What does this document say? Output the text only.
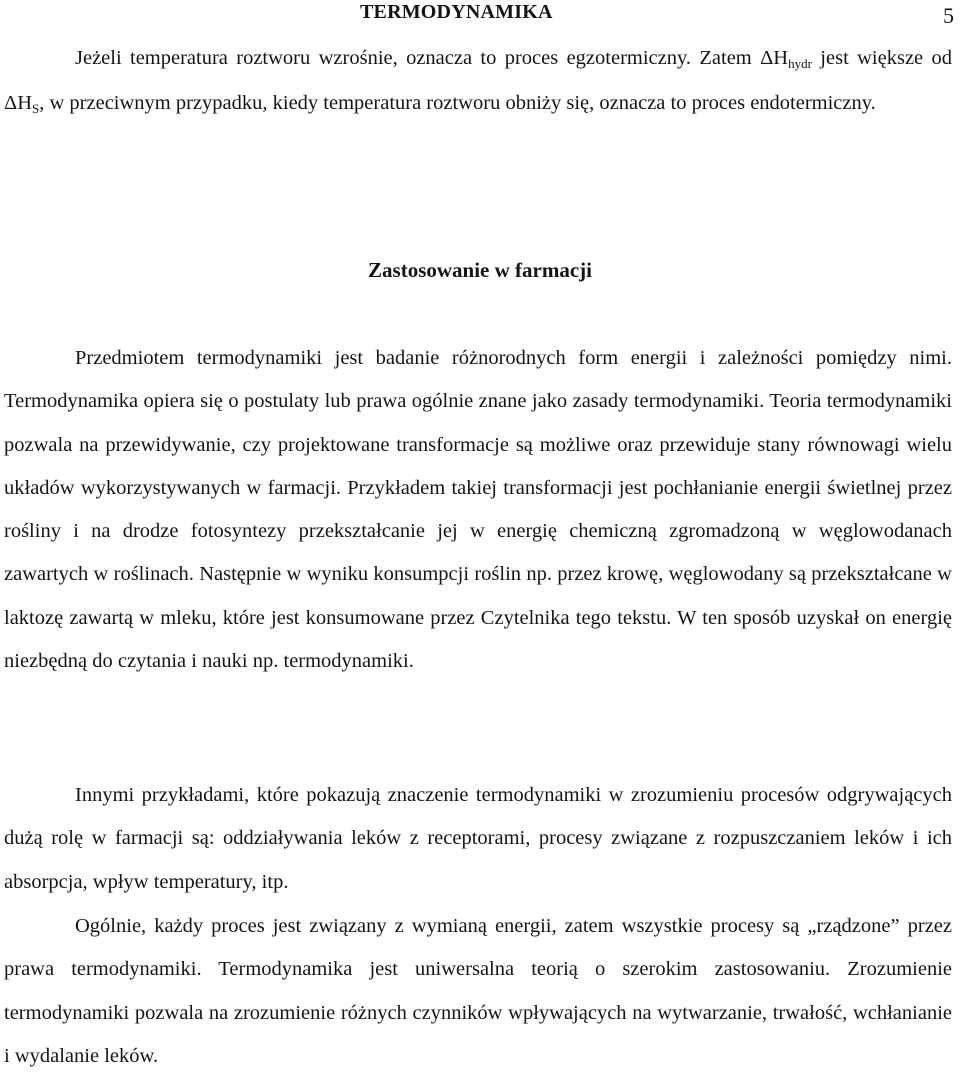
TERMODYNAMIKA	5

Jeżeli temperatura roztworu wzrośnie, oznacza to proces egzotermiczny. Zatem $\Delta H_{hydr}$ jest większe od $\Delta H_S$, w przeciwnym przypadku, kiedy temperatura roztworu obniży się, oznacza to proces endotermiczny.

Zastosowanie w farmacji

Przedmiotem termodynamiki jest badanie różnorodnych form energii i zależności pomiędzy nimi. Termodynamika opiera się o postulaty lub prawa ogólnie znane jako zasady termodynamiki. Teoria termodynamiki pozwala na przewidywanie, czy projektowane transformacje są możliwe oraz przewiduje stany równowagi wielu układów wykorzystywanych w farmacji. Przykładem takiej transformacji jest pochłanianie energii świetlnej przez rośliny i na drodze fotosyntezy przekształcanie jej w energię chemiczną zgromadzoną w węglowodanach zawartych w roślinach. Następnie w wyniku konsumpcji roślin np. przez krowę, węglowodany są przekształcane w laktozę zawartą w mleku, które jest konsumowane przez Czytelnika tego tekstu. W ten sposób uzyskał on energię niezbędną do czytania i nauki np. termodynamiki.

Innymi przykładami, które pokazują znaczenie termodynamiki w zrozumieniu procesów odgrywających dużą rolę w farmacji są: oddziaływania leków z receptorami, procesy związane z rozpuszczaniem leków i ich absorpcja, wpływ temperatury, itp.

Ogólnie, każdy proces jest związany z wymianą energii, zatem wszystkie procesy są „rządzone” przez prawa termodynamiki. Termodynamika jest uniwersalna teorią o szerokim zastosowaniu. Zrozumienie termodynamiki pozwala na zrozumienie różnych czynników wpływających na wytwarzanie, trwałość, wchłanianie i wydalanie leków.
